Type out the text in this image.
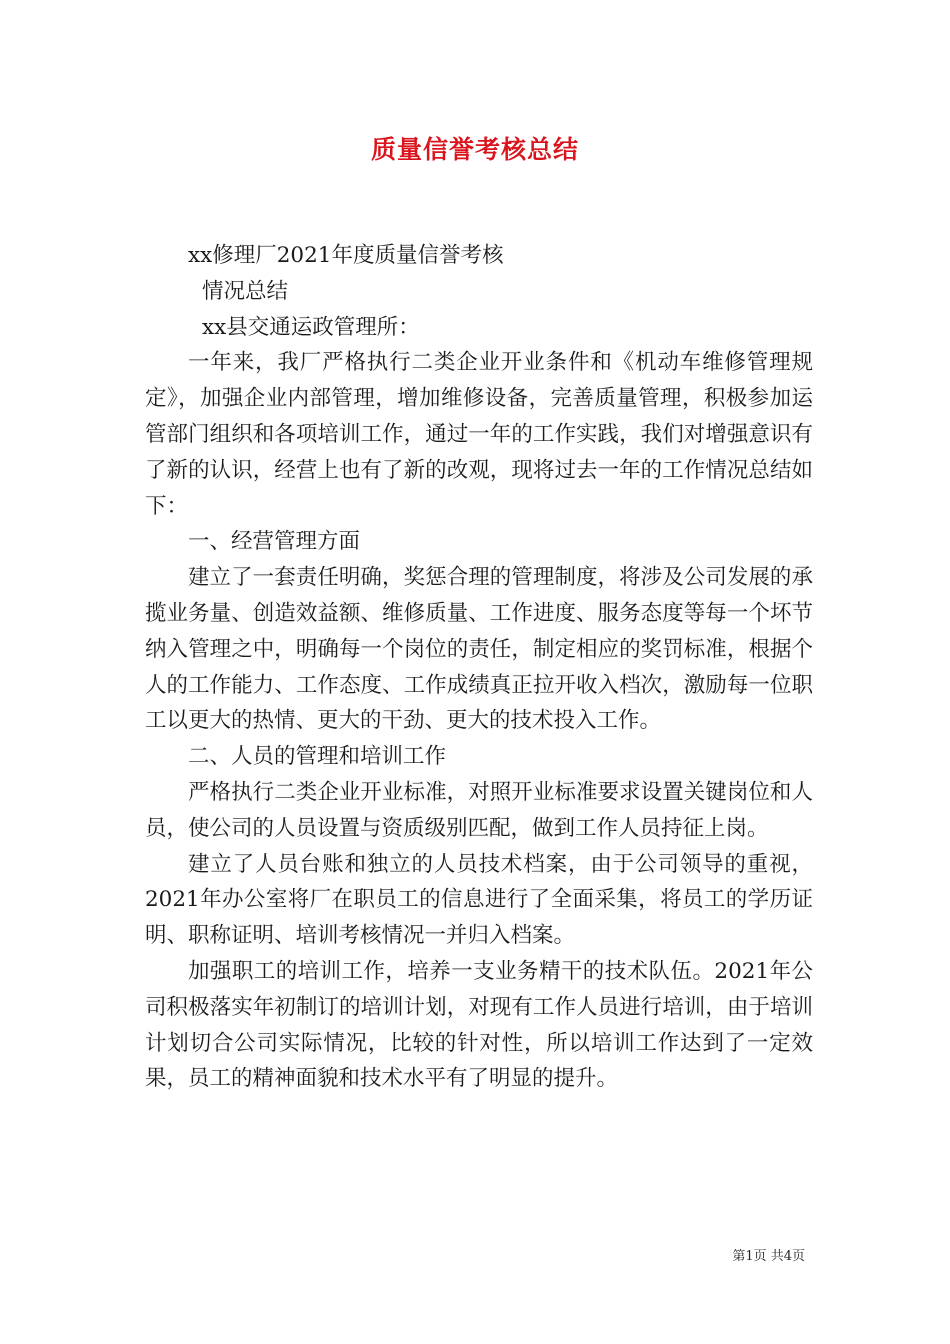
质量信誉考核总结

xx修理厂2021年度质量信誉考核

情况总结

xx县交通运政管理所：

一年来，我厂严格执行二类企业开业条件和《机动车维修管理规定》，加强企业内部管理，增加维修设备，完善质量管理，积极参加运管部门组织和各项培训工作，通过一年的工作实践，我们对增强意识有了新的认识，经营上也有了新的改观，现将过去一年的工作情况总结如下：

一、经营管理方面

建立了一套责任明确，奖惩合理的管理制度，将涉及公司发展的承揽业务量、创造效益额、维修质量、工作进度、服务态度等每一个坏节纳入管理之中，明确每一个岗位的责任，制定相应的奖罚标准，根据个人的工作能力、工作态度、工作成绩真正拉开收入档次，激励每一位职工以更大的热情、更大的干劲、更大的技术投入工作。

二、人员的管理和培训工作

严格执行二类企业开业标准，对照开业标准要求设置关键岗位和人员，使公司的人员设置与资质级别匹配，做到工作人员持征上岗。

建立了人员台账和独立的人员技术档案，由于公司领导的重视，2021年办公室将厂在职员工的信息进行了全面采集，将员工的学历证明、职称证明、培训考核情况一并归入档案。

加强职工的培训工作，培养一支业务精干的技术队伍。2021年公司积极落实年初制订的培训计划，对现有工作人员进行培训，由于培训计划切合公司实际情况，比较的针对性，所以培训工作达到了一定效果，员工的精神面貌和技术水平有了明显的提升。

第1页 共4页
